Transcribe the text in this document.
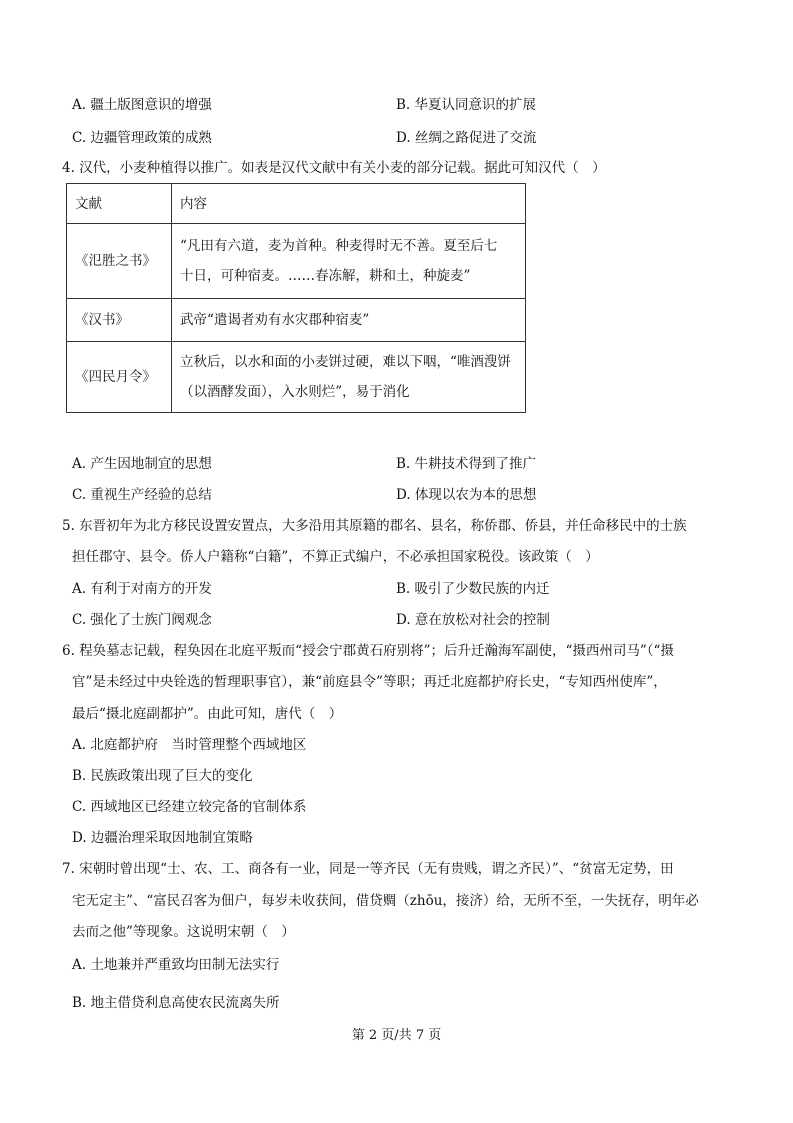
A. 疆土版图意识的增强	B. 华夏认同意识的扩展
C. 边疆管理政策的成熟	D. 丝绸之路促进了交流
4. 汉代，小麦种植得以推广。如表是汉代文献中有关小麦的部分记载。据此可知汉代（　）
文献	内容
《氾胜之书》	“凡田有六道，麦为首种。种麦得时无不善。夏至后七
十日，可种宿麦。……春冻解，耕和土，种旋麦”

《汉书》	武帝“遣谒者劝有水灾郡种宿麦”

《四民月令》	立秋后，以水和面的小麦饼过硬，难以下咽，“唯酒溲饼
（以酒酵发面），入水则烂”，易于消化
A. 产生因地制宜的思想	B. 牛耕技术得到了推广
C. 重视生产经验的总结	D. 体现以农为本的思想
5. 东晋初年为北方移民设置安置点，大多沿用其原籍的郡名、县名，称侨郡、侨县，并任命移民中的士族
担任郡守、县令。侨人户籍称“白籍”，不算正式编户，不必承担国家税役。该政策（　）
A. 有利于对南方的开发	B. 吸引了少数民族的内迁
C. 强化了士族门阀观念	D. 意在放松对社会的控制
6. 程奂墓志记载，程奂因在北庭平叛而“授会宁郡黄石府别将”；后升迁瀚海军副使，“摄西州司马”（“摄
官”是未经过中央铨选的暂理职事官），兼“前庭县令”等职；再迁北庭都护府长史，“专知西州使库”，
最后“摄北庭副都护”。由此可知，唐代（　）
A. 北庭都护府　当时管理整个西域地区
B. 民族政策出现了巨大的变化
C. 西域地区已经建立较完备的官制体系
D. 边疆治理采取因地制宜策略
7. 宋朝时曾出现“士、农、工、商各有一业，同是一等齐民（无有贵贱，谓之齐民）”、“贫富无定势，田
宅无定主”、“富民召客为佃户，每岁未收获间，借贷赒（zhōu，接济）给，无所不至，一失抚存，明年必
去而之他”等现象。这说明宋朝（　）
A. 土地兼并严重致均田制无法实行
B. 地主借贷利息高使农民流离失所
第 2 页/共 7 页
